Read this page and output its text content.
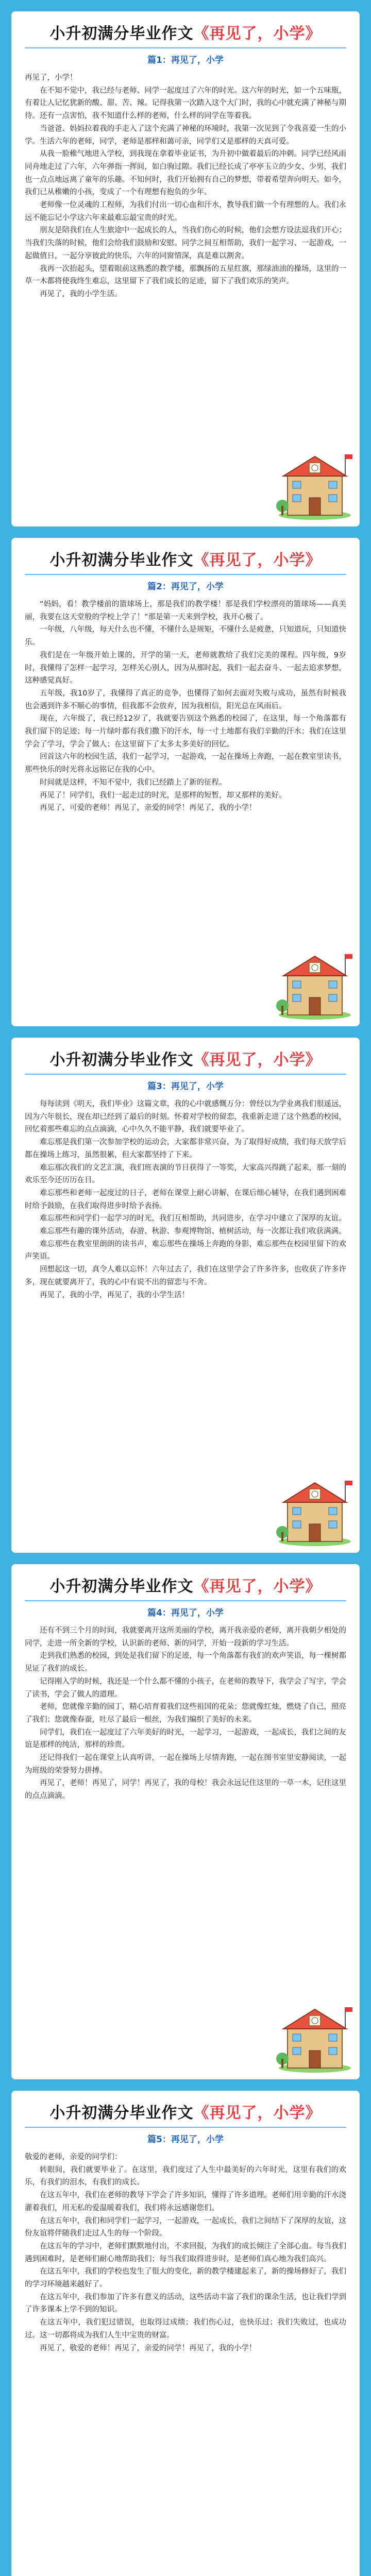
小升初满分毕业作文《再见了，小学》
篇1：再见了，小学

再见了，小学！

在不知不觉中，我已经与老师、同学一起度过了六年的时光。这六年的时光，如一个五味瓶，有着让人记忆犹新的酸、甜、苦、辣。记得我第一次踏入这个大门时，我的心中就充满了神秘与期待。还有一点害怕，我不知道什么样的老师，什么样的同学在等着我。

当爸爸、妈妈拉着我的手走入了这个充满了神秘的环境时，我第一次见到了令我喜爱一生的小学。生活六年的老师，同学，老师是那样和蔼可亲，同学们又是那样的天真可爱。

从我一脸稚气地进入学校，到我现在拿着毕业证书，为升初中做着最后的冲刺。同学已经风雨同舟地走过了六年，六年弹指一挥间，如白驹过隙。我们已经长成了亭亭玉立的少女、少男，我们也一点点地远离了童年的乐趣。不知何时，我们开始拥有自己的梦想，带着希望奔向明天。如今，我们已从稚嫩的小孩，变成了一个有理想有抱负的少年。

老师像一位灵魂的工程师，为我们付出一切心血和汗水，教导我们做一个有理想的人。我们永远不能忘记小学这六年来最难忘最宝贵的时光。

朋友是陪我们在人生旅途中一起成长的人，当我们伤心的时候，他们会想方设法逗我们开心；当我们失落的时候，他们会给我们鼓励和安慰。同学之间互相帮助，我们一起学习、一起游戏，一起做值日，一起分享彼此的快乐，六年的同窗情深，真是难以割舍。

我再一次抬起头，望着眼前这熟悉的教学楼，那飘扬的五星红旗，那绿油油的操场，这里的一草一木都将使我终生难忘，这里留下了我们成长的足迹，留下了我们欢乐的笑声。

再见了，我的小学生活。

小升初满分毕业作文《再见了，小学》
篇2：再见了，小学

“妈妈，看！教学楼前的篮球场上，那是我们的教学楼！那是我们学校漂亮的篮球场——真美丽，我要在这天堂般的学校上学了！”那是第一天来到学校，我开心极了。

一年级，八年级，每天什么也不懂，不懂什么是规矩，不懂什么是疲惫，只知道玩，只知道快乐。

我们是在一年级开始上课的，开学的第一天，老师就教给了我们完美的课程。四年级，9岁时，我懂得了怎样一起学习，怎样关心别人，因为从那时起，我们一起去奋斗、一起去追求梦想，这种感觉真好。

五年级，我10岁了，我懂得了真正的竞争，也懂得了如何去面对失败与成功，虽然有时候我也会遇到许多不顺心的事情，但我都不会放弃，因为我相信，阳光总在风雨后。

现在，六年级了，我已经12岁了，我就要告别这个熟悉的校园了，在这里，每一个角落都有我们留下的足迹；每一片绿叶都有我们撒下的汗水，每一寸土地都有我们辛勤的汗水；我们在这里学会了学习，学会了做人；在这里留下了太多太多美好的回忆。

回首这六年的校园生活，我们一起学习，一起游戏，一起在操场上奔跑，一起在教室里读书，那些快乐的时光将永远铭记在我的心中。

时间就是这样，不知不觉中，我们已经踏上了新的征程。

再见了！同学们，我们一起走过的时光，是那样的短暂，却又那样的美好。

再见了，可爱的老师！再见了，亲爱的同学！再见了，我的小学！

小升初满分毕业作文《再见了，小学》
篇3：再见了，小学

每每读到《明天，我们毕业》这篇文章，我的心中就感慨万分：曾经以为学业离我们很遥远，因为六年很长，现在却已经到了最后的时刻。怀着对学校的留恋，我重新走进了这个熟悉的校园，回忆着那些难忘的点点滴滴，心中久久不能平静，我们就要毕业了。

难忘那是我们第一次参加学校的运动会，大家都非常兴奋，为了取得好成绩，我们每天放学后都在操场上练习，虽然很累，但大家都坚持了下来。

难忘那次我们的文艺汇演，我们班表演的节目获得了一等奖，大家高兴得跳了起来，那一刻的欢乐至今还历历在目。

难忘那些和老师一起度过的日子，老师在课堂上耐心讲解，在课后细心辅导，在我们遇到困难时给予鼓励，在我们取得进步时给予表扬。

难忘那些和同学们一起学习的时光，我们互相帮助，共同进步，在学习中建立了深厚的友谊。

难忘那些有趣的课外活动，春游、秋游、参观博物馆、植树活动，每一次都让我们收获满满。

难忘那些在教室里朗朗的读书声，难忘那些在操场上奔跑的身影，难忘那些在校园里留下的欢声笑语。

回想起这一切，真令人难以忘怀！六年过去了，我们在这里学会了许多许多，也收获了许多许多，现在就要离开了，我的心中有说不出的留恋与不舍。

再见了，我的小学，再见了，我的小学生活！

小升初满分毕业作文《再见了，小学》
篇4：再见了，小学

还有不到三个月的时间，我就要离开这所美丽的学校，离开我亲爱的老师，离开我朝夕相处的同学，走进一所全新的学校，认识新的老师、新的同学，开始一段新的学习生活。

走到我们熟悉的校园，到处是我们留下的足迹，每一个角落都有我们的欢声笑语，每一棵树都见证了我们的成长。

记得刚入学的时候，我还是一个什么都不懂的小孩子，在老师的教导下，我学会了写字，学会了读书，学会了做人的道理。

老师，您就像辛勤的园丁，精心培育着我们这些祖国的花朵；您就像红烛，燃烧了自己，照亮了我们；您就像春蚕，吐尽了最后一根丝，为我们编织了美好的未来。

同学们，我们在一起度过了六年美好的时光，一起学习，一起游戏，一起成长，我们之间的友谊是那样的纯洁，那样的珍贵。

还记得我们一起在课堂上认真听讲，一起在操场上尽情奔跑，一起在图书室里安静阅读，一起为班级的荣誉努力拼搏。

再见了，老师！再见了，同学！再见了，我的母校！我会永远记住这里的一草一木，记住这里的点点滴滴。

小升初满分毕业作文《再见了，小学》
篇5：再见了，小学

敬爱的老师，亲爱的同学们：

转眼间，我们就要毕业了。在这里，我们度过了人生中最美好的六年时光，这里有我们的欢乐，有我们的泪水，有我们的成长。

在这五年中，我们在老师的教导下学会了许多知识，懂得了许多道理。老师们用辛勤的汗水浇灌着我们，用无私的爱温暖着我们，我们将永远感谢您们。

在这五年中，我们和同学们一起学习，一起游戏，一起成长，我们之间结下了深厚的友谊，这份友谊将伴随我们走过人生的每一个阶段。

在这五年的学习中，老师们默默地付出，不求回报，为我们的成长倾注了全部心血。每当我们遇到困难时，是老师们耐心地帮助我们；每当我们取得进步时，是老师们真心地为我们高兴。

在这五年中，我们的学校也发生了很大的变化，新的教学楼建起来了，新的操场修好了，我们的学习环境越来越好了。

在这五年中，我们参加了许多有意义的活动，这些活动丰富了我们的课余生活，也让我们学到了许多课本上学不到的知识。

在这五年中，我们犯过错误，也取得过成绩；我们伤心过，也快乐过；我们失败过，也成功过。这一切都将成为我们人生中宝贵的财富。

再见了，敬爱的老师！再见了，亲爱的同学！再见了，我的小学！
